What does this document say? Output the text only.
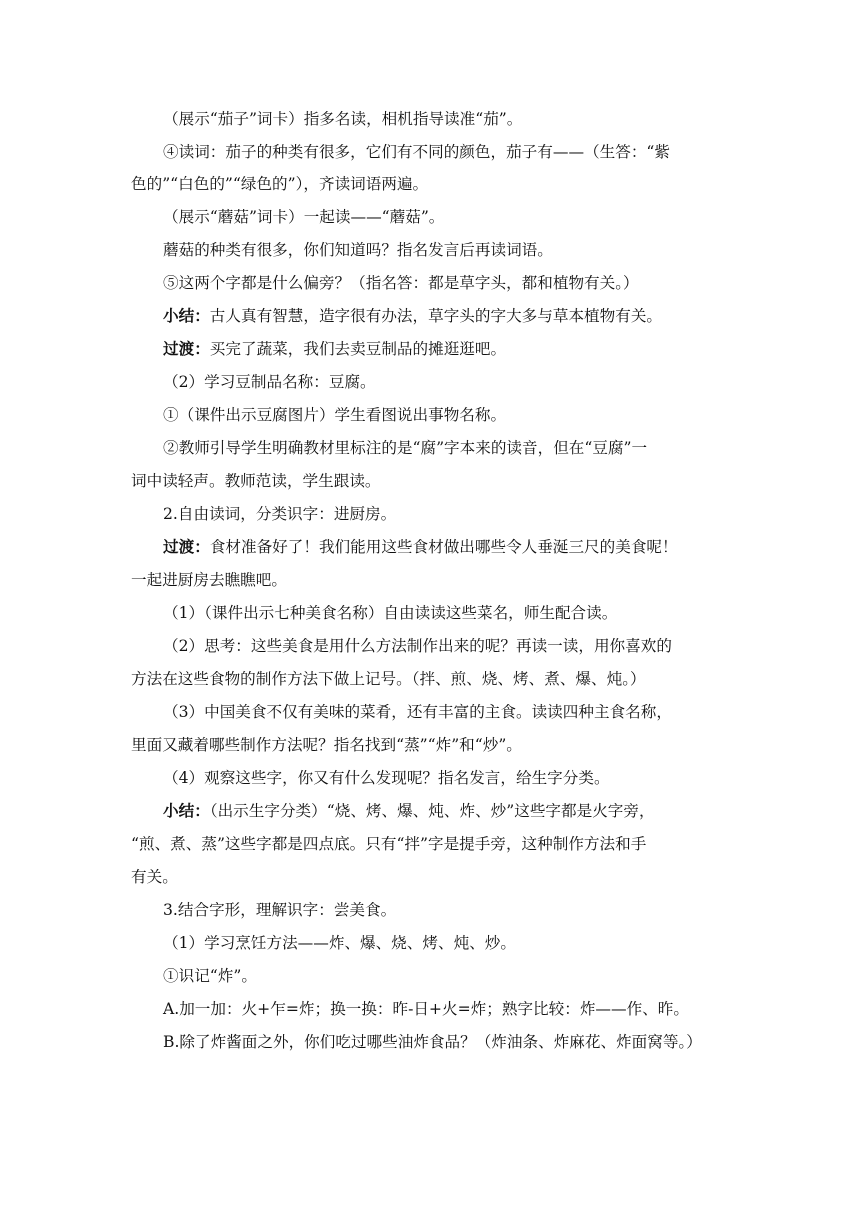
（展示“茄子”词卡）指多名读，相机指导读准“茄”。
④读词：茄子的种类有很多，它们有不同的颜色，茄子有——（生答：“紫
色的”“白色的”“绿色的”），齐读词语两遍。
（展示“蘑菇”词卡）一起读——“蘑菇”。
蘑菇的种类有很多，你们知道吗？指名发言后再读词语。
⑤这两个字都是什么偏旁？（指名答：都是草字头，都和植物有关。）
小结：古人真有智慧，造字很有办法，草字头的字大多与草本植物有关。
过渡：买完了蔬菜，我们去卖豆制品的摊逛逛吧。
（2）学习豆制品名称：豆腐。
①（课件出示豆腐图片）学生看图说出事物名称。
②教师引导学生明确教材里标注的是“腐”字本来的读音，但在“豆腐”一
词中读轻声。教师范读，学生跟读。
2.自由读词，分类识字：进厨房。
过渡：食材准备好了！我们能用这些食材做出哪些令人垂涎三尺的美食呢！
一起进厨房去瞧瞧吧。
（1）（课件出示七种美食名称）自由读读这些菜名，师生配合读。
（2）思考：这些美食是用什么方法制作出来的呢？再读一读，用你喜欢的
方法在这些食物的制作方法下做上记号。（拌、煎、烧、烤、煮、爆、炖。）
（3）中国美食不仅有美味的菜肴，还有丰富的主食。读读四种主食名称，
里面又藏着哪些制作方法呢？指名找到“蒸”“炸”和“炒”。
（4）观察这些字，你又有什么发现呢？指名发言，给生字分类。
小结：（出示生字分类）“烧、烤、爆、炖、炸、炒”这些字都是火字旁，
“煎、煮、蒸”这些字都是四点底。只有“拌”字是提手旁，这种制作方法和手
有关。
3.结合字形，理解识字：尝美食。
（1）学习烹饪方法——炸、爆、烧、烤、炖、炒。
①识记“炸”。
A.加一加：火+乍=炸；换一换：昨-日+火=炸；熟字比较：炸——作、昨。
B.除了炸酱面之外，你们吃过哪些油炸食品？（炸油条、炸麻花、炸面窝等。）
